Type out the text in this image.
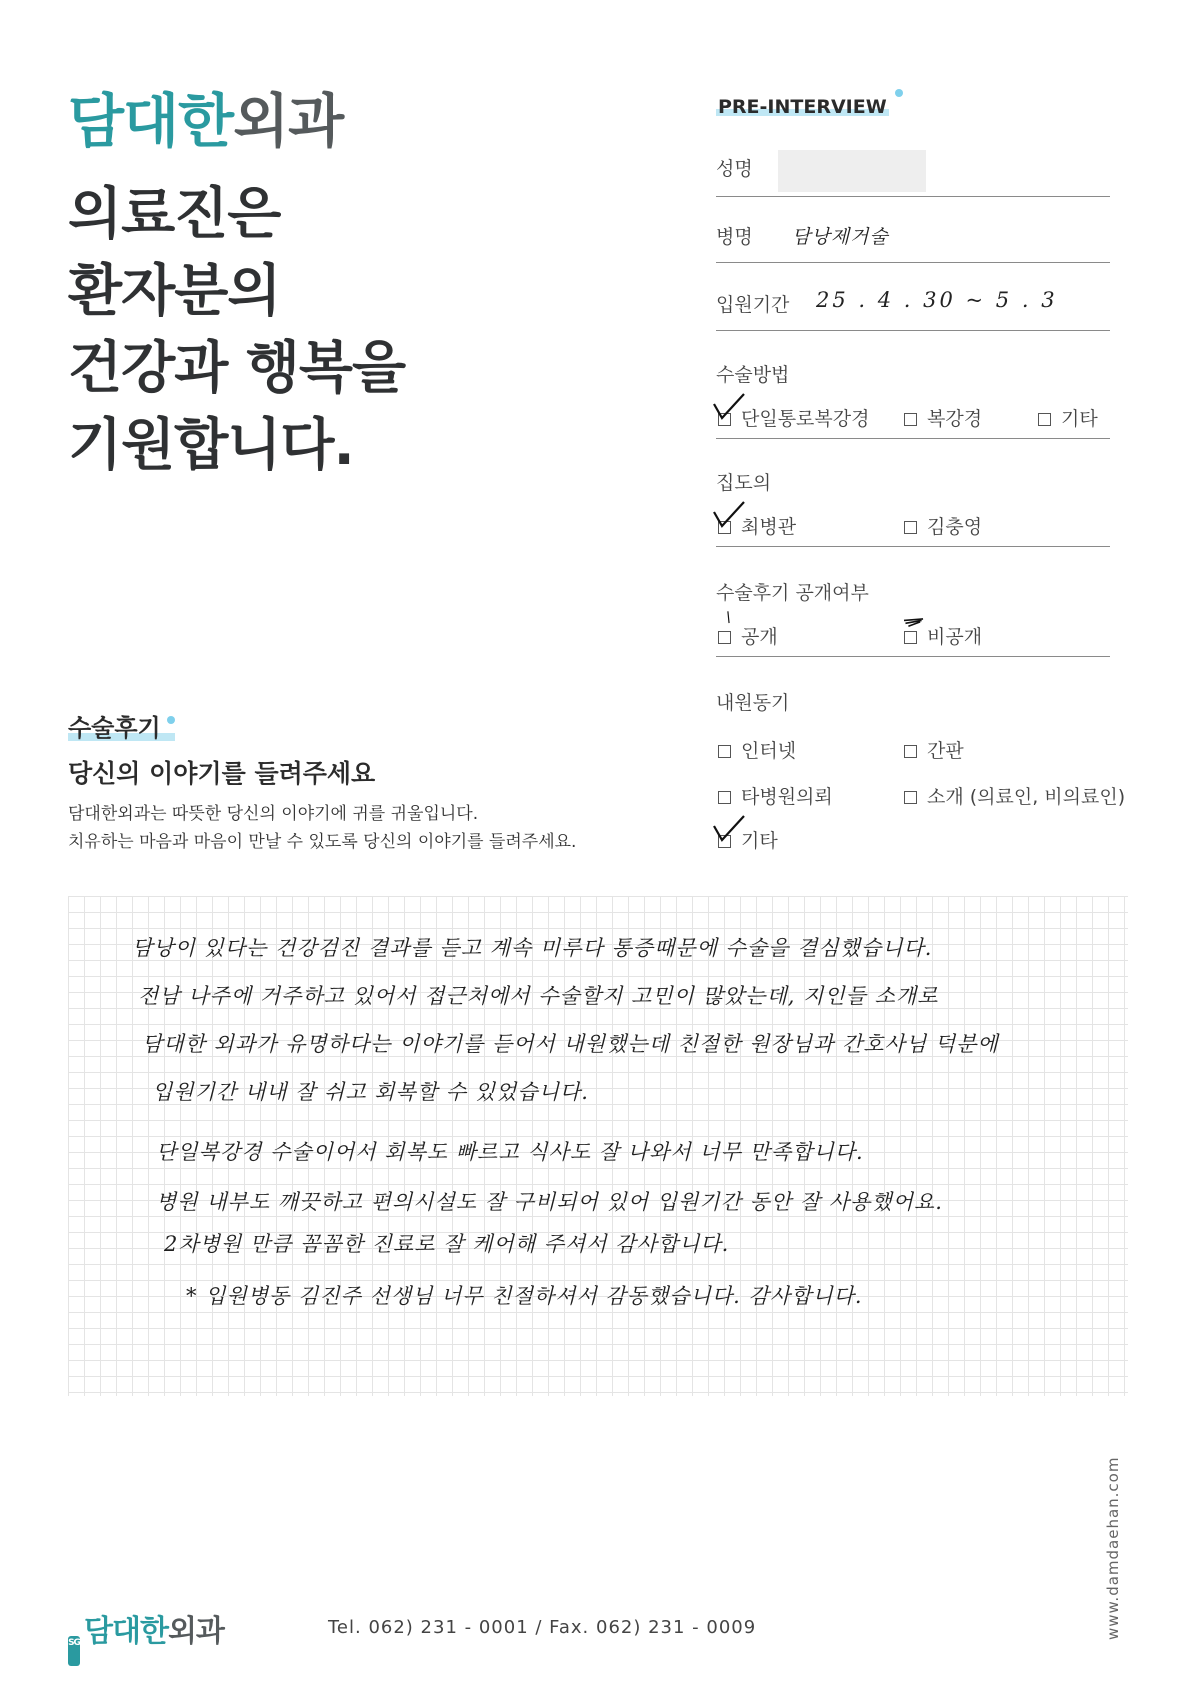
담대한외과
의료진은
환자분의
건강과 행복을
기원합니다.
PRE-INTERVIEW
성명
병명 담낭제거술
입원기간 25 . 4 . 30 ~ 5 . 3
수술방법
단일통로복강경	복강경	기타
집도의
최병관	김충영
수술후기 공개여부
공개	비공개
내원동기
인터넷	간판
타병원의뢰	소개 (의료인, 비의료인)
기타
수술후기
당신의 이야기를 들려주세요
담대한외과는 따뜻한 당신의 이야기에 귀를 귀울입니다.
치유하는 마음과 마음이 만날 수 있도록 당신의 이야기를 들려주세요.
담낭이 있다는 건강검진 결과를 듣고 계속 미루다 통증때문에 수술을 결심했습니다.
전남 나주에 거주하고 있어서 접근처에서 수술할지 고민이 많았는데, 지인들 소개로
담대한 외과가 유명하다는 이야기를 듣어서 내원했는데 친절한 원장님과 간호사님 덕분에
입원기간 내내 잘 쉬고 회복할 수 있었습니다.
단일복강경 수술이어서 회복도 빠르고 식사도 잘 나와서 너무 만족합니다.
병원 내부도 깨끗하고 편의시설도 잘 구비되어 있어 입원기간 동안 잘 사용했어요.
2차병원 만큼 꼼꼼한 진료로 잘 케어해 주셔서 감사합니다.
* 입원병동 김진주 선생님 너무 친절하셔서 감동했습니다. 감사합니다.
www.damdaehan.com
SG 담대한외과	Tel. 062) 231 - 0001 / Fax. 062) 231 - 0009
